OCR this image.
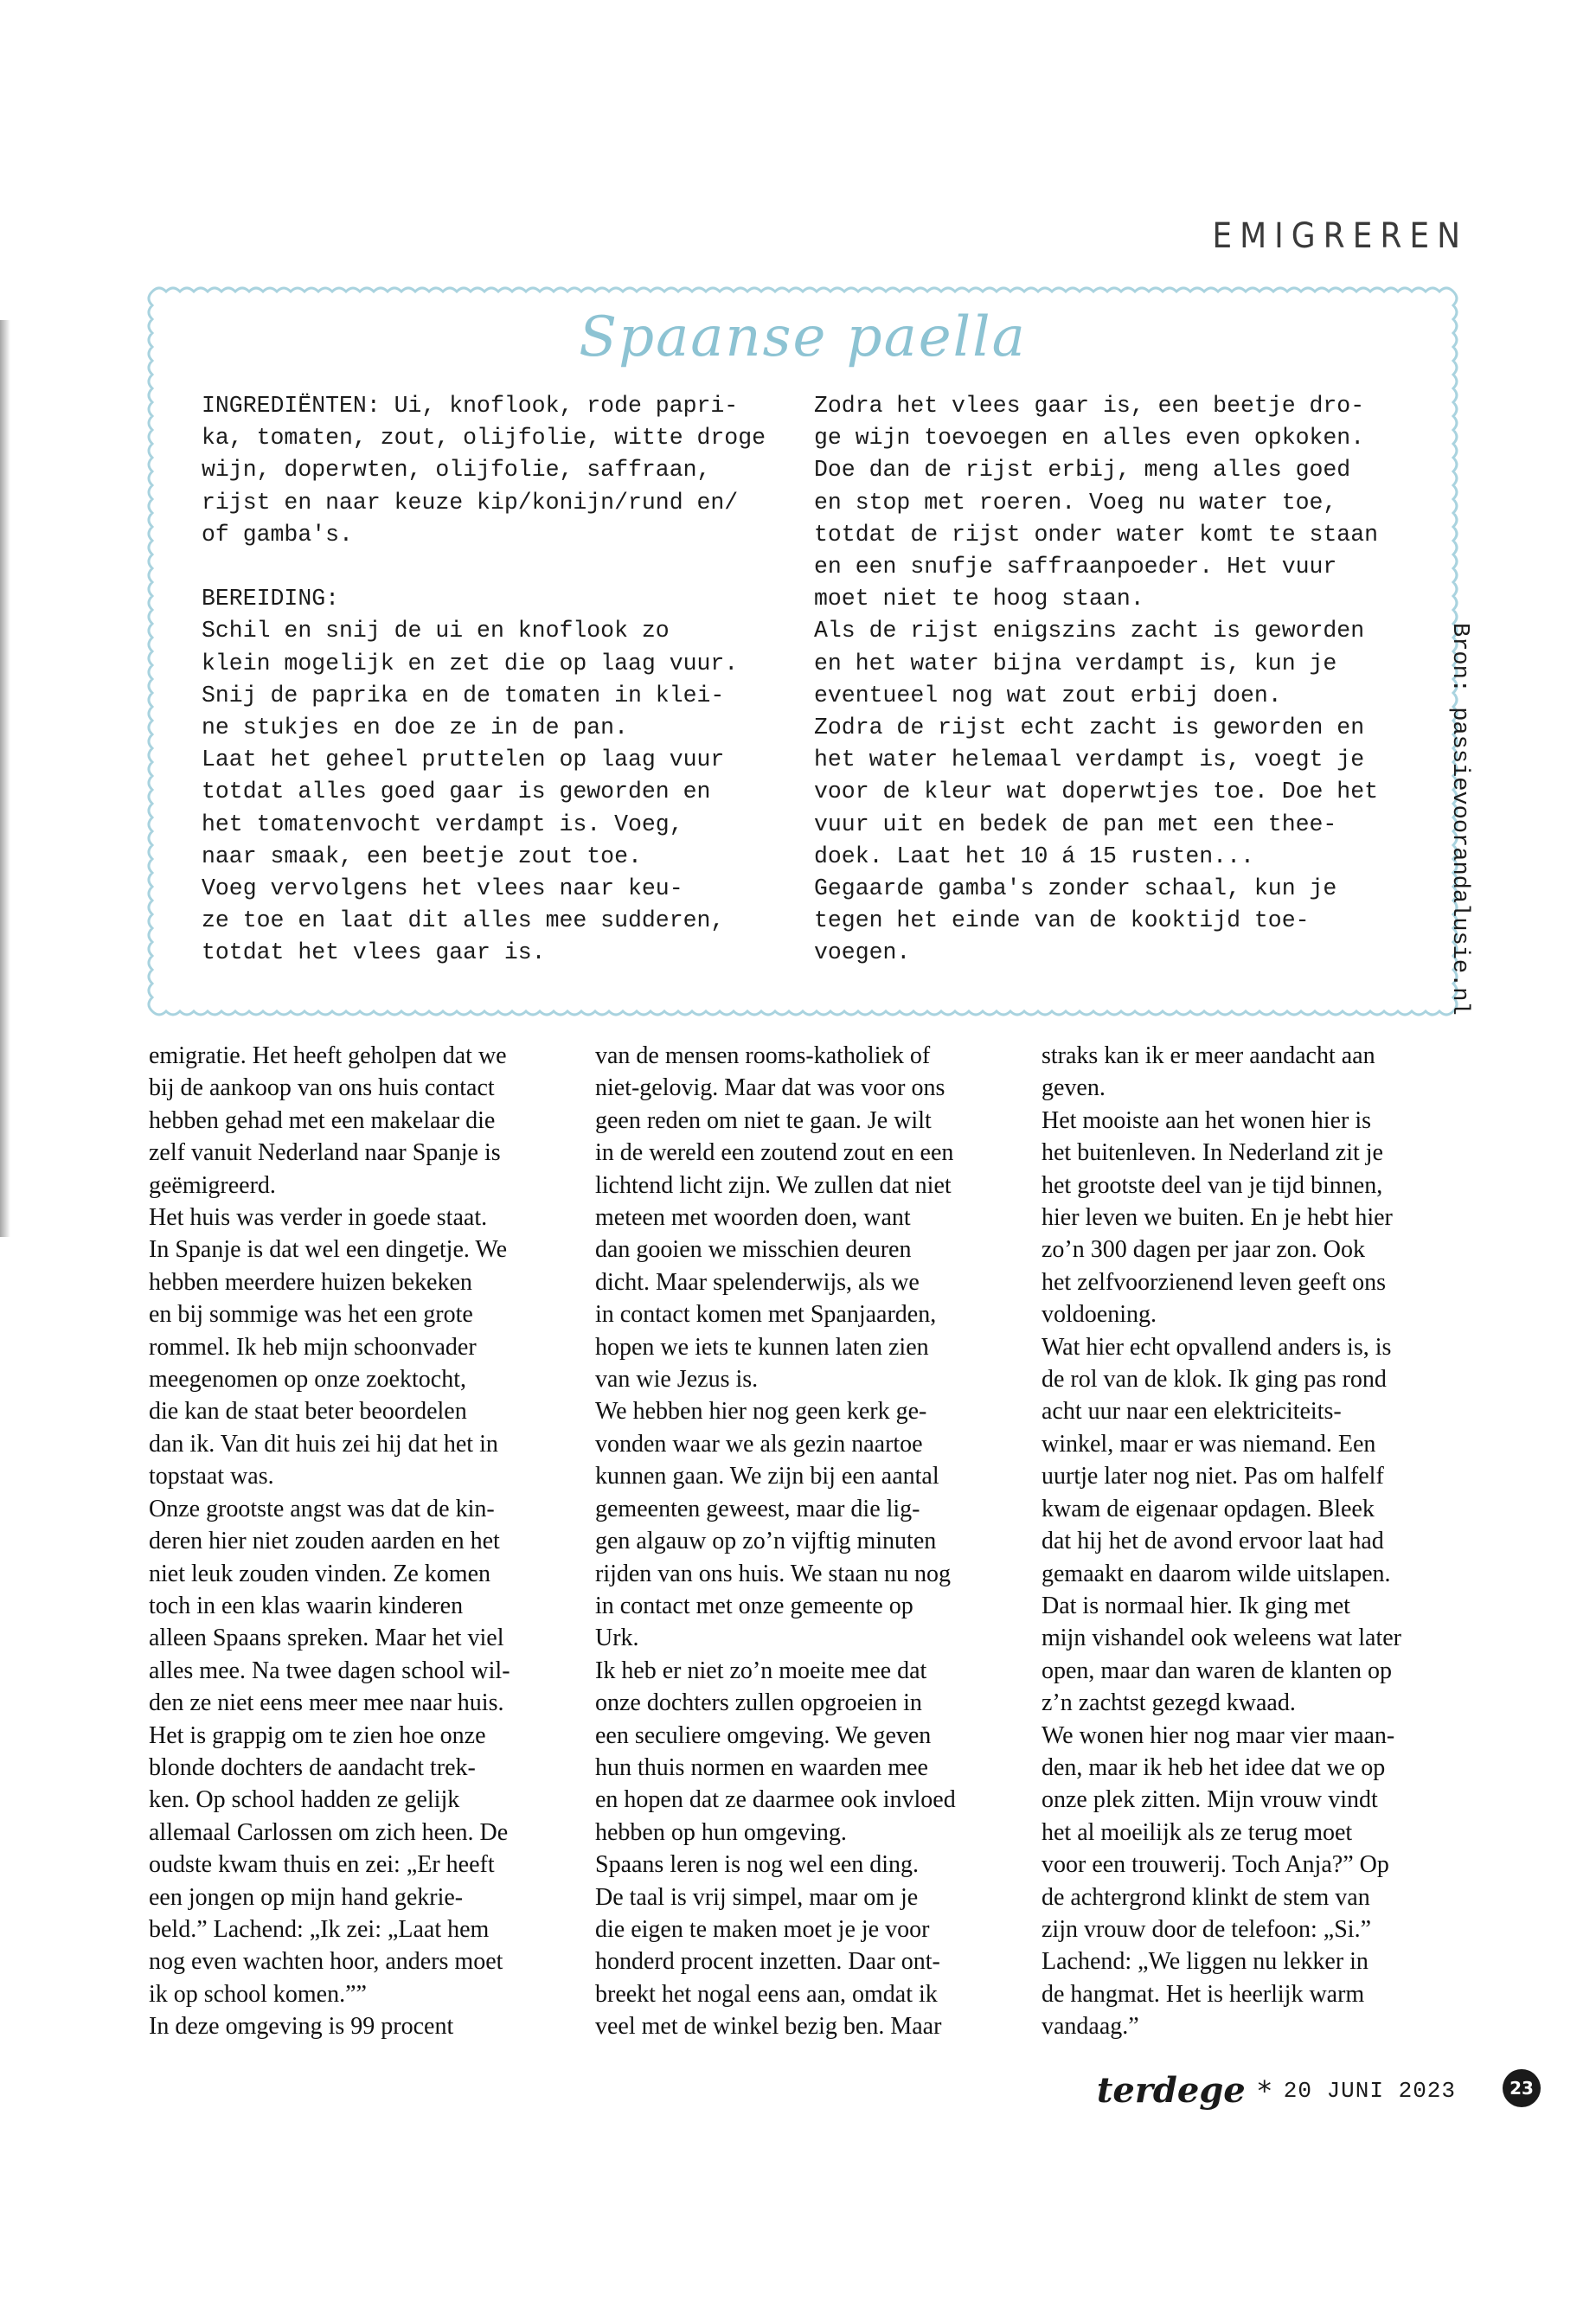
EMIGREREN
Spaanse paella
INGREDIËNTEN: Ui, knoflook, rode papri-
ka, tomaten, zout, olijfolie, witte droge
wijn, doperwten, olijfolie, saffraan,
rijst en naar keuze kip/konijn/rund en/
of gamba's.

BEREIDING:
Schil en snij de ui en knoflook zo
klein mogelijk en zet die op laag vuur.
Snij de paprika en de tomaten in klei-
ne stukjes en doe ze in de pan.
Laat het geheel pruttelen op laag vuur
totdat alles goed gaar is geworden en
het tomatenvocht verdampt is. Voeg,
naar smaak, een beetje zout toe.
Voeg vervolgens het vlees naar keu-
ze toe en laat dit alles mee sudderen,
totdat het vlees gaar is.
Zodra het vlees gaar is, een beetje dro-
ge wijn toevoegen en alles even opkoken.
Doe dan de rijst erbij, meng alles goed
en stop met roeren. Voeg nu water toe,
totdat de rijst onder water komt te staan
en een snufje saffraanpoeder. Het vuur
moet niet te hoog staan.
Als de rijst enigszins zacht is geworden
en het water bijna verdampt is, kun je
eventueel nog wat zout erbij doen.
Zodra de rijst echt zacht is geworden en
het water helemaal verdampt is, voegt je
voor de kleur wat doperwtjes toe. Doe het
vuur uit en bedek de pan met een thee-
doek. Laat het 10 á 15 rusten...
Gegaarde gamba's zonder schaal, kun je
tegen het einde van de kooktijd toe-
voegen.	Bron: passievoorandalusie.nl
emigratie. Het heeft geholpen dat we
bij de aankoop van ons huis contact
hebben gehad met een makelaar die
zelf vanuit Nederland naar Spanje is
geëmigreerd.
Het huis was verder in goede staat.
In Spanje is dat wel een dingetje. We
hebben meerdere huizen bekeken
en bij sommige was het een grote
rommel. Ik heb mijn schoonvader
meegenomen op onze zoektocht,
die kan de staat beter beoordelen
dan ik. Van dit huis zei hij dat het in
topstaat was.
Onze grootste angst was dat de kin-
deren hier niet zouden aarden en het
niet leuk zouden vinden. Ze komen
toch in een klas waarin kinderen
alleen Spaans spreken. Maar het viel
alles mee. Na twee dagen school wil-
den ze niet eens meer mee naar huis.
Het is grappig om te zien hoe onze
blonde dochters de aandacht trek-
ken. Op school hadden ze gelijk
allemaal Carlossen om zich heen. De
oudste kwam thuis en zei: „Er heeft
een jongen op mijn hand gekrie-
beld.” Lachend: „Ik zei: „Laat hem
nog even wachten hoor, anders moet
ik op school komen.””
In deze omgeving is 99 procent
van de mensen rooms-katholiek of
niet-gelovig. Maar dat was voor ons
geen reden om niet te gaan. Je wilt
in de wereld een zoutend zout en een
lichtend licht zijn. We zullen dat niet
meteen met woorden doen, want
dan gooien we misschien deuren
dicht. Maar spelenderwijs, als we
in contact komen met Spanjaarden,
hopen we iets te kunnen laten zien
van wie Jezus is.
We hebben hier nog geen kerk ge-
vonden waar we als gezin naartoe
kunnen gaan. We zijn bij een aantal
gemeenten geweest, maar die lig-
gen algauw op zo’n vijftig minuten
rijden van ons huis. We staan nu nog
in contact met onze gemeente op
Urk.
Ik heb er niet zo’n moeite mee dat
onze dochters zullen opgroeien in
een seculiere omgeving. We geven
hun thuis normen en waarden mee
en hopen dat ze daarmee ook invloed
hebben op hun omgeving.
Spaans leren is nog wel een ding.
De taal is vrij simpel, maar om je
die eigen te maken moet je je voor
honderd procent inzetten. Daar ont-
breekt het nogal eens aan, omdat ik
veel met de winkel bezig ben. Maar
straks kan ik er meer aandacht aan
geven.
Het mooiste aan het wonen hier is
het buitenleven. In Nederland zit je
het grootste deel van je tijd binnen,
hier leven we buiten. En je hebt hier
zo’n 300 dagen per jaar zon. Ook
het zelfvoorzienend leven geeft ons
voldoening.
Wat hier echt opvallend anders is, is
de rol van de klok. Ik ging pas rond
acht uur naar een elektriciteits-
winkel, maar er was niemand. Een
uurtje later nog niet. Pas om halfelf
kwam de eigenaar opdagen. Bleek
dat hij het de avond ervoor laat had
gemaakt en daarom wilde uitslapen.
Dat is normaal hier. Ik ging met
mijn vishandel ook weleens wat later
open, maar dan waren de klanten op
z’n zachtst gezegd kwaad.
We wonen hier nog maar vier maan-
den, maar ik heb het idee dat we op
onze plek zitten. Mijn vrouw vindt
het al moeilijk als ze terug moet
voor een trouwerij. Toch Anja?” Op
de achtergrond klinkt de stem van
zijn vrouw door de telefoon: „Si.”
Lachend: „We liggen nu lekker in
de hangmat. Het is heerlijk warm
vandaag.”
terdege * 20 JUNI 2023	23
